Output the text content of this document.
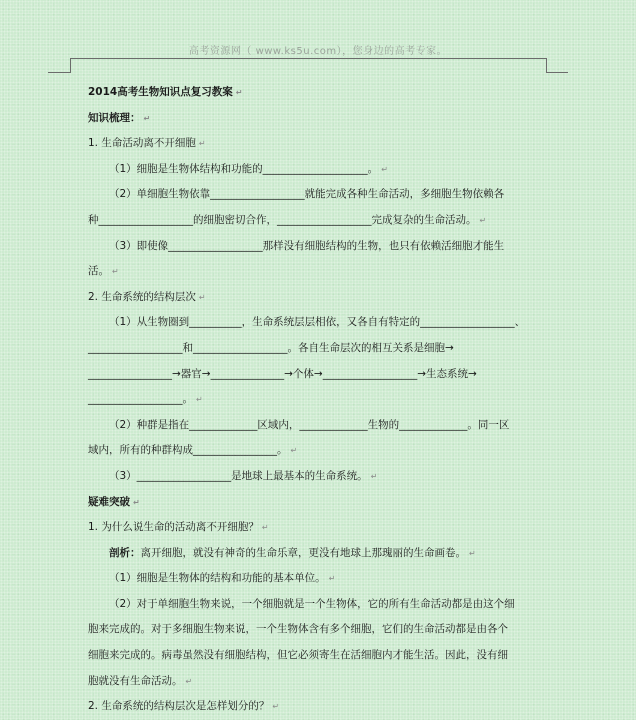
高考资源网（ www.ks5u.com），您身边的高考专家。

2014高考生物知识点复习教案 ↵

知识梳理： ↵

1. 生命活动离不开细胞 ↵

（1）细胞是生物体结构和功能的____________________。 ↵

（2）单细胞生物依靠__________________就能完成各种生命活动，多细胞生物依赖各

种__________________的细胞密切合作，__________________完成复杂的生命活动。 ↵

（3）即使像__________________那样没有细胞结构的生物，也只有依赖活细胞才能生

活。 ↵

2. 生命系统的结构层次 ↵

（1）从生物圈到__________，生命系统层层相依，又各自有特定的__________________、

__________________和__________________。各自生命层次的相互关系是细胞→

________________→器官→______________→个体→__________________→生态系统→

__________________。 ↵

（2）种群是指在_____________区域内，_____________生物的_____________。同一区

域内，所有的种群构成________________。 ↵

（3）__________________是地球上最基本的生命系统。 ↵

疑难突破 ↵

1. 为什么说生命的活动离不开细胞？ ↵

剖析：离开细胞，就没有神奇的生命乐章，更没有地球上那瑰丽的生命画卷。 ↵

（1）细胞是生物体的结构和功能的基本单位。 ↵

（2）对于单细胞生物来说，一个细胞就是一个生物体，它的所有生命活动都是由这个细

胞来完成的。对于多细胞生物来说，一个生物体含有多个细胞，它们的生命活动都是由各个

细胞来完成的。病毒虽然没有细胞结构，但它必须寄生在活细胞内才能生活。因此，没有细

胞就没有生命活动。 ↵

2. 生命系统的结构层次是怎样划分的？ ↵
